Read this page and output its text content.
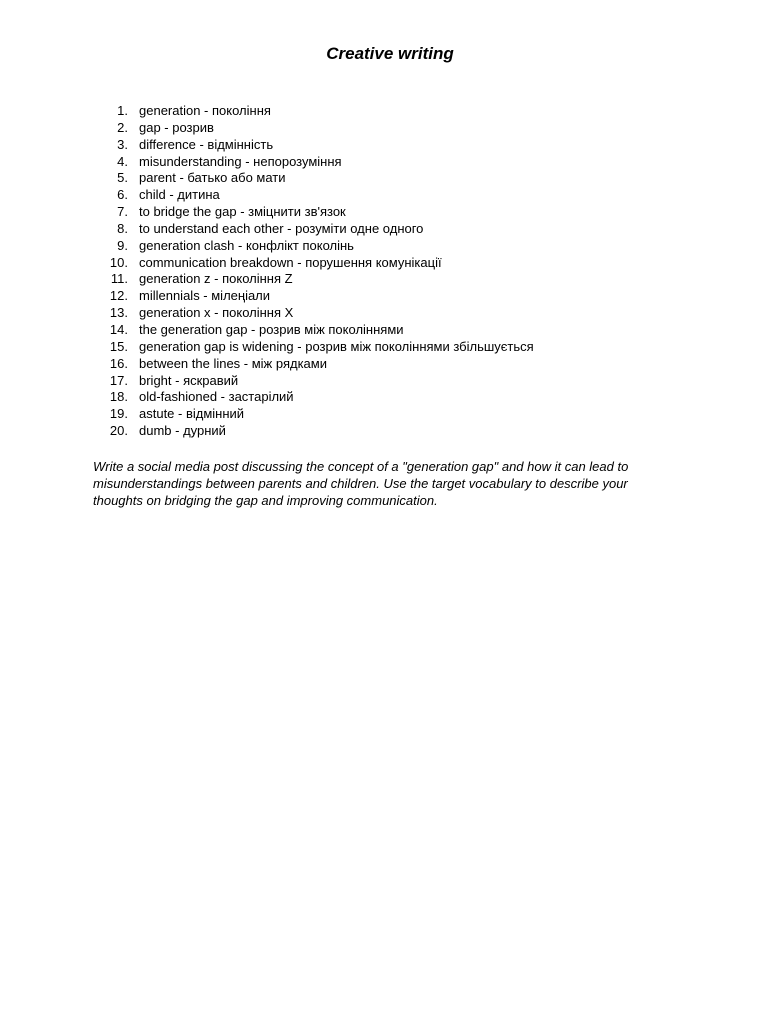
Creative writing
1. generation - покоління
2. gap - розрив
3. difference - відмінність
4. misunderstanding - непорозуміння
5. parent - батько або мати
6. child - дитина
7. to bridge the gap - зміцнити зв'язок
8. to understand each other - розуміти одне одного
9. generation clash - конфлікт поколінь
10. communication breakdown - порушення комунікації
11. generation z - покоління Z
12. millennials - мілеңіали
13. generation x - покоління X
14. the generation gap - розрив між поколіннями
15. generation gap is widening - розрив між поколіннями збільшується
16. between the lines - між рядками
17. bright - яскравий
18. old-fashioned - застарілий
19. astute - відмінний
20. dumb - дурний

Write a social media post discussing the concept of a "generation gap" and how it can lead to misunderstandings between parents and children. Use the target vocabulary to describe your thoughts on bridging the gap and improving communication.
